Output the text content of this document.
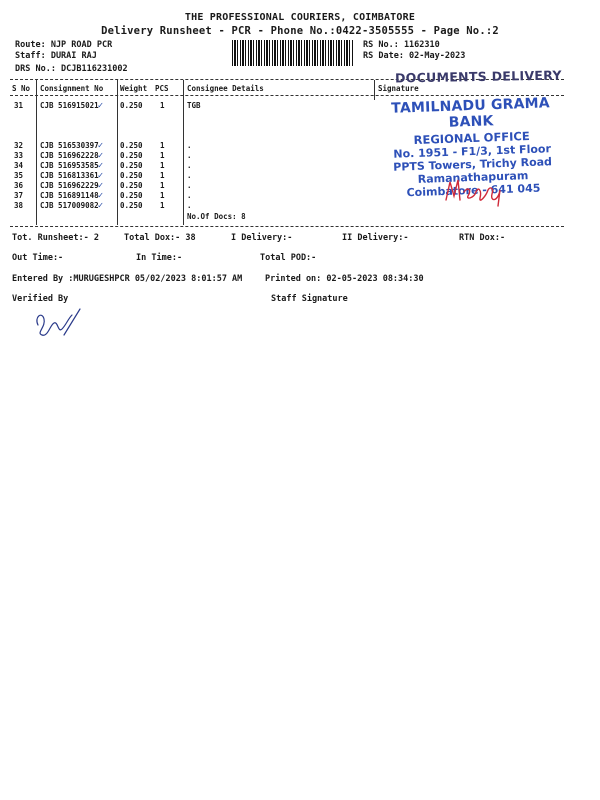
THE PROFESSIONAL COURIERS, COIMBATORE
Delivery Runsheet - PCR - Phone No.:0422-3505555 - Page No.:2
Route: NJP ROAD PCR
Staff: DURAI RAJ
DRS No.: DCJB116231002
RS No.: 1162310
RS Date: 02-May-2023
S No Consignment No Weight PCS Consignee Details	Signature
31 CJB 516915021✓ 0.250 1	TGB
32 CJB 516530397✓ 0.250 1	.
33 CJB 516962228✓ 0.250 1	.
34 CJB 516953585✓ 0.250 1	.
35 CJB 516813361✓ 0.250 1	.
36 CJB 516962229✓ 0.250 1	.
37 CJB 516891148✓ 0.250 1	.
38 CJB 517009082✓ 0.250 1	.
No.Of Docs: 8
Tot. Runsheet:- 2	Total Dox:- 38	I Delivery:-	II Delivery:-	RTN Dox:-
Out Time:-	In Time:-	Total POD:-
Entered By :MURUGESHPCR 05/02/2023 8:01:57 AM	Printed on: 02-05-2023 08:34:30
Verified By	Staff Signature
DOCUMENTS DELIVERY
TAMILNADU GRAMA BANK
REGIONAL OFFICE
No. 1951 - F1/3, 1st Floor
PPTS Towers, Trichy Road
Ramanathapuram
Coimbatore - 641 045
